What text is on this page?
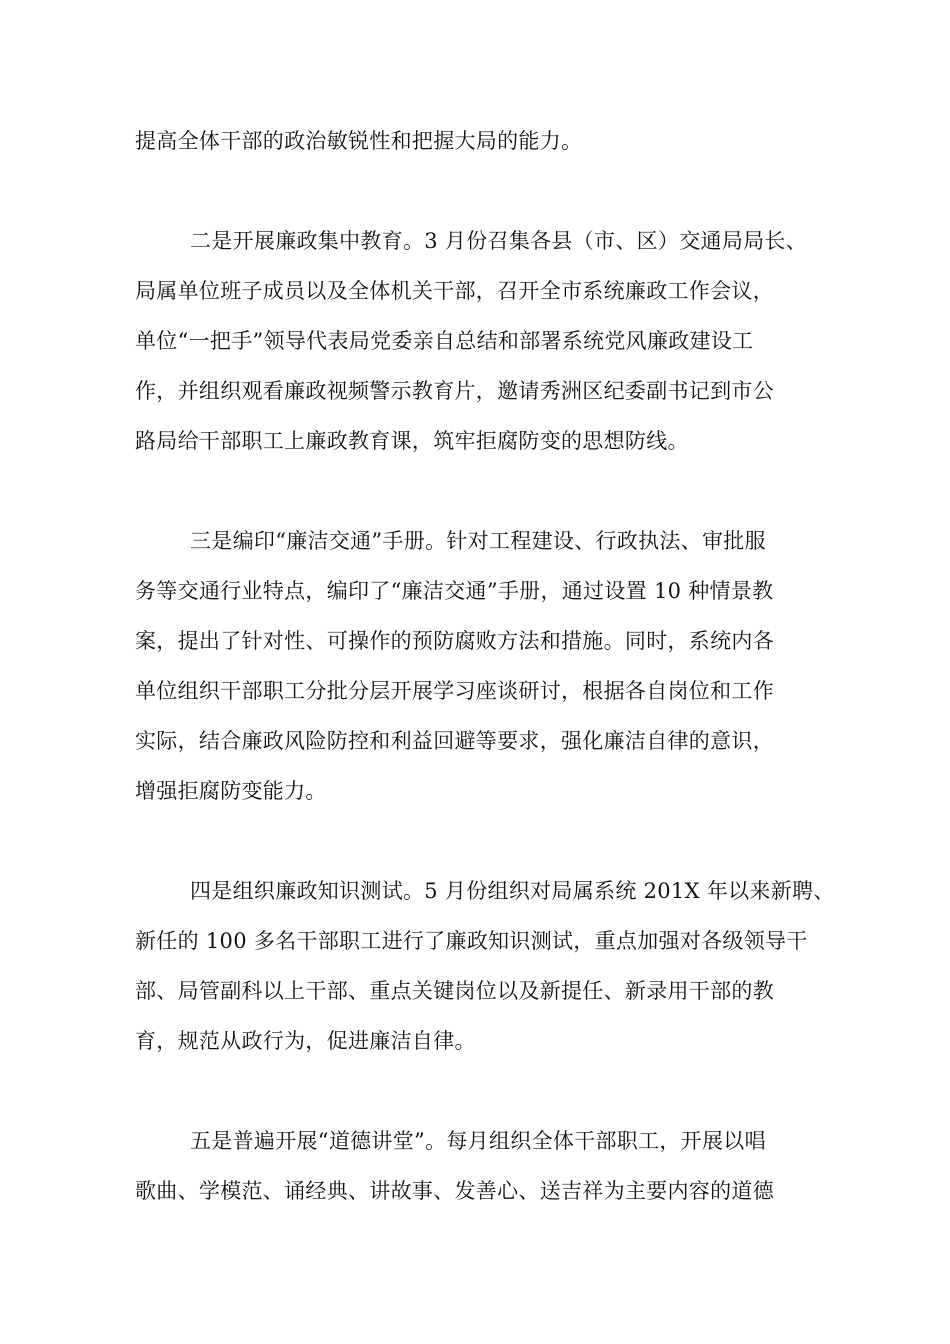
提高全体干部的政治敏锐性和把握大局的能力。
二是开展廉政集中教育。3 月份召集各县（市、区）交通局局长、
局属单位班子成员以及全体机关干部，召开全市系统廉政工作会议，
单位“一把手”领导代表局党委亲自总结和部署系统党风廉政建设工
作，并组织观看廉政视频警示教育片，邀请秀洲区纪委副书记到市公
路局给干部职工上廉政教育课，筑牢拒腐防变的思想防线。
三是编印“廉洁交通”手册。针对工程建设、行政执法、审批服
务等交通行业特点，编印了“廉洁交通”手册，通过设置 10 种情景教
案，提出了针对性、可操作的预防腐败方法和措施。同时，系统内各
单位组织干部职工分批分层开展学习座谈研讨，根据各自岗位和工作
实际，结合廉政风险防控和利益回避等要求，强化廉洁自律的意识，
增强拒腐防变能力。
四是组织廉政知识测试。5 月份组织对局属系统 201X 年以来新聘、
新任的 100 多名干部职工进行了廉政知识测试，重点加强对各级领导干
部、局管副科以上干部、重点关键岗位以及新提任、新录用干部的教
育，规范从政行为，促进廉洁自律。
五是普遍开展“道德讲堂”。每月组织全体干部职工，开展以唱
歌曲、学模范、诵经典、讲故事、发善心、送吉祥为主要内容的道德
